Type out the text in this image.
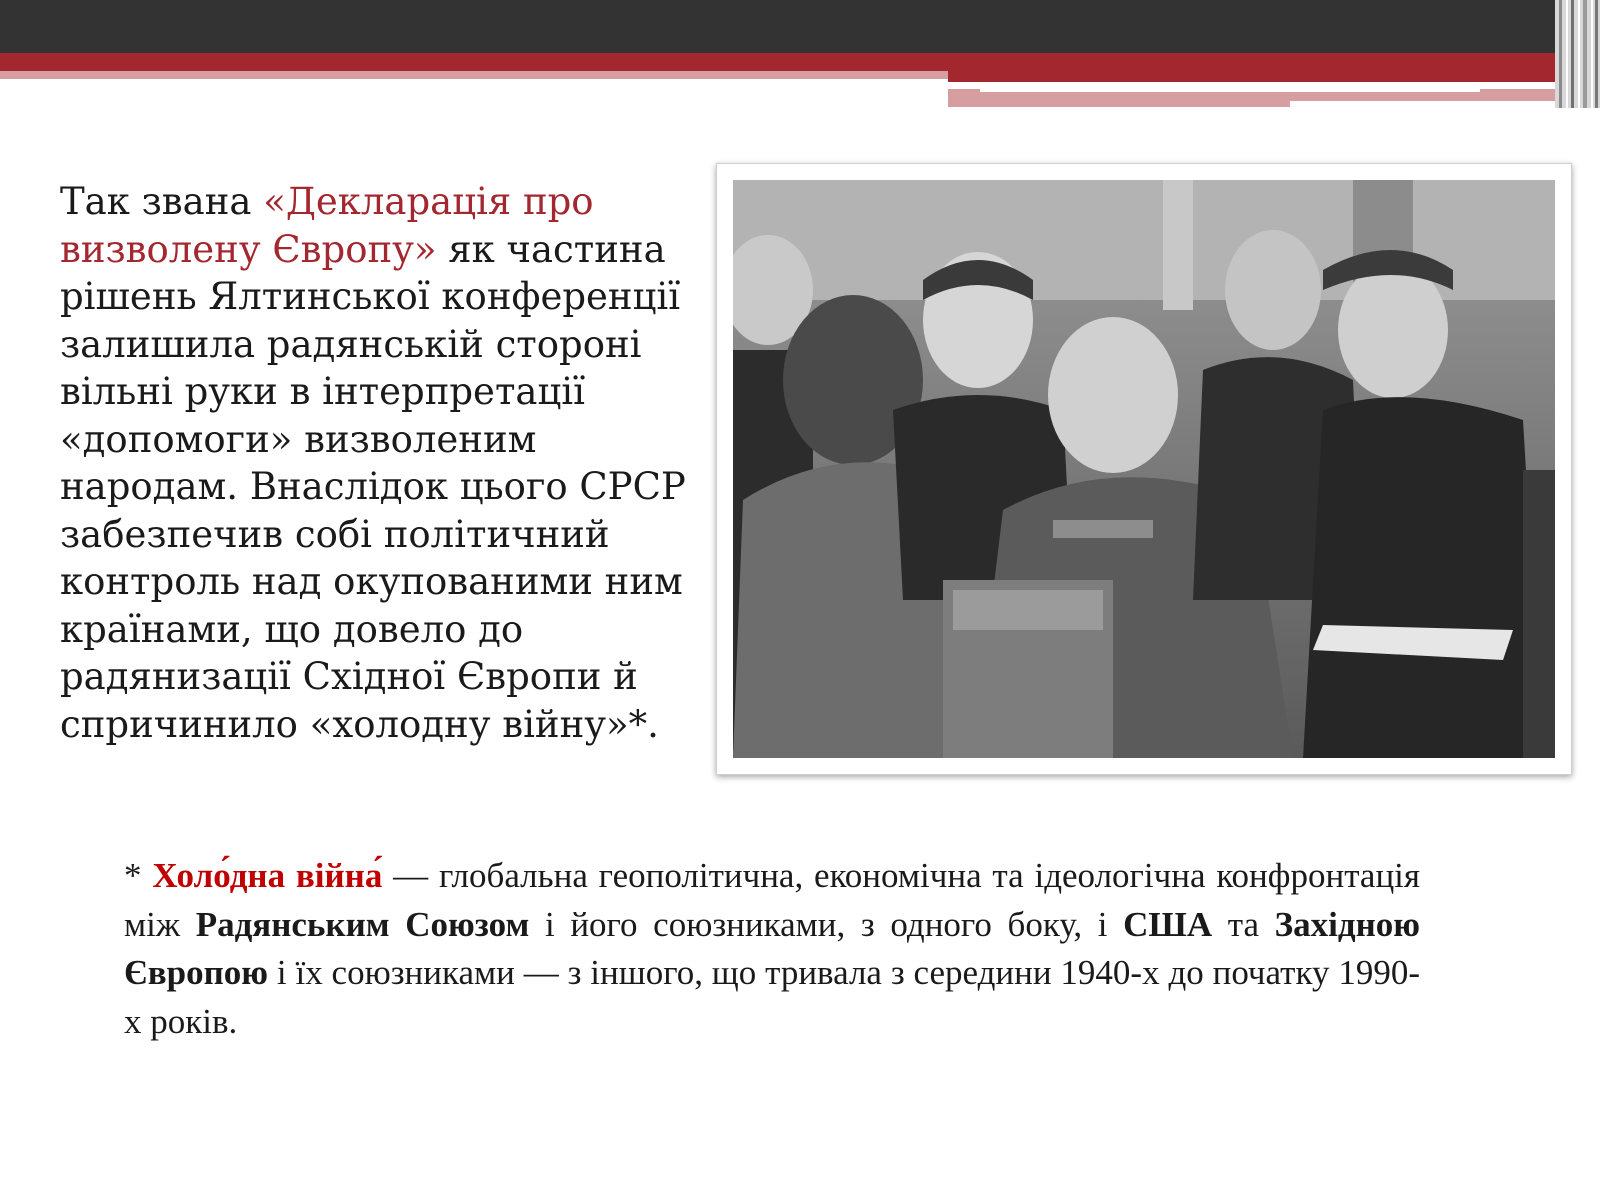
Так звана «Декларація про визволену Європу» як частина рішень Ялтинської конференції залишила радянській стороні вільні руки в інтерпретації «допомоги» визволеним народам. Внаслідок цього СРСР забезпечив собі політичний контроль над окупованими ним країнами, що довело до радянизації Східної Європи й спричинило «холодну війну»*.
* Холо́дна війна́ — глобальна геополітична, економічна та ідеологічна конфронтація між Радянським Союзом і його союзниками, з одного боку, і США та Західною Європою і їх союзниками — з іншого, що тривала з середини 1940-х до початку 1990-х років.
